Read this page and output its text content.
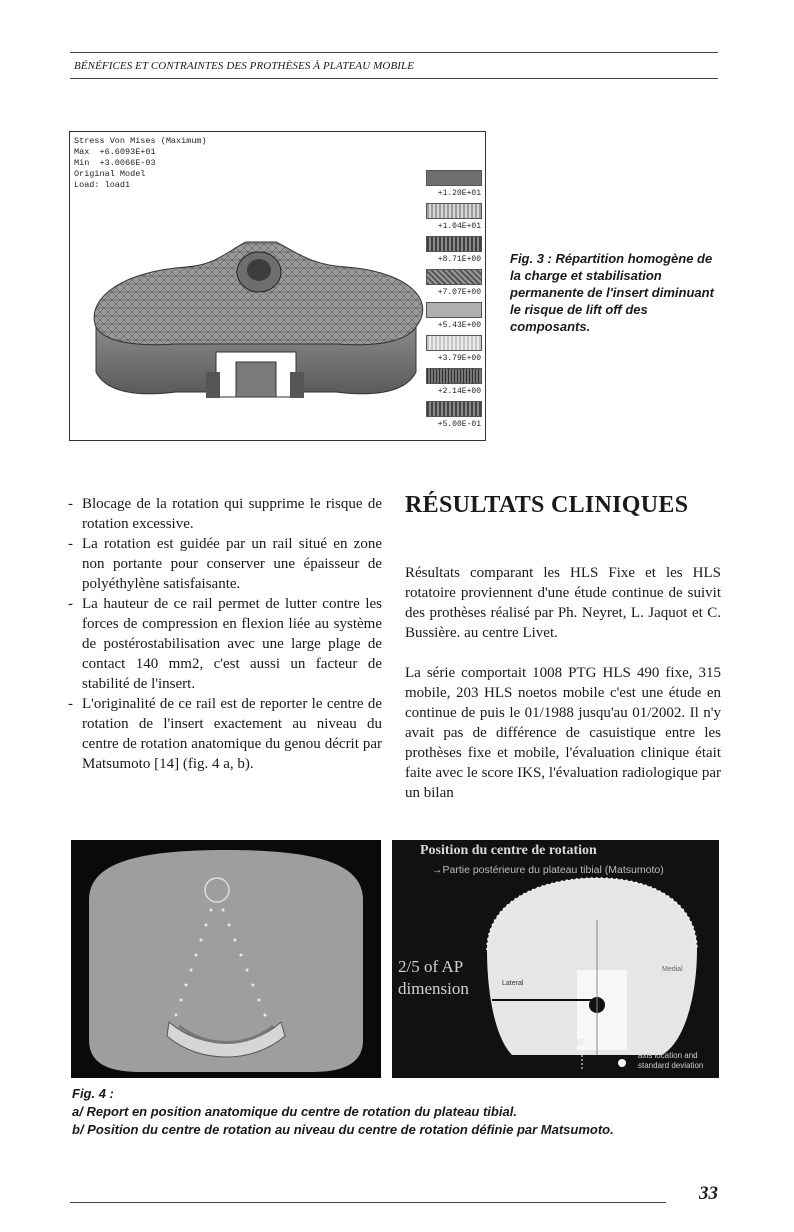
BÉNÉFICES ET CONTRAINTES DES PROTHÈSES À PLATEAU MOBILE
Stress Von Mises (Maximum)
Max  +6.6093E+01
Min  +3.0066E-03
Original Model
Load: load1
+1.20E+01
+1.04E+01
+8.71E+00
+7.07E+00
+5.43E+00
+3.79E+00
+2.14E+00
+5.00E-01
Fig. 3 : Répartition homogène de la charge et stabilisation permanente de l'insert diminuant le risque de lift off des composants.

- Blocage de la rotation qui supprime le risque de rotation excessive.

- La rotation est guidée par un rail situé en zone non portante pour conserver une épaisseur de polyéthylène satisfaisante.

- La hauteur de ce rail permet de lutter contre les forces de compression en flexion liée au système de postérostabilisation avec une large plage de contact 140 mm2, c'est aussi un facteur de stabilité de l'insert.

- L'originalité de ce rail est de reporter le centre de rotation de l'insert exactement au niveau du centre de rotation anatomique du genou décrit par Matsumoto [14] (fig. 4 a, b).

RÉSULTATS CLINIQUES

Résultats comparant les HLS Fixe et les HLS rotatoire proviennent d'une étude continue de suivit des prothèses réalisé par Ph. Neyret, L. Jaquot et C. Bussière. au centre Livet.

La série comportait 1008 PTG HLS 490 fixe, 315 mobile, 203 HLS noetos mobile c'est une étude en continue de puis le 01/1988 jusqu'au 01/2002. Il n'y avait pas de différence de casuistique entre les prothèses fixe et mobile, l'évaluation clinique était faite avec le score IKS, l'évaluation radiologique par un bilan

Position du centre de rotation
→Partie postérieure du plateau tibial (Matsumoto)
2/5 of AP dimension	Lateral
Medial
45
axis location and standard deviation
Fig. 4 :
a/ Report en position anatomique du centre de rotation du plateau tibial.
b/ Position du centre de rotation au niveau du centre de rotation définie par Matsumoto.
33
